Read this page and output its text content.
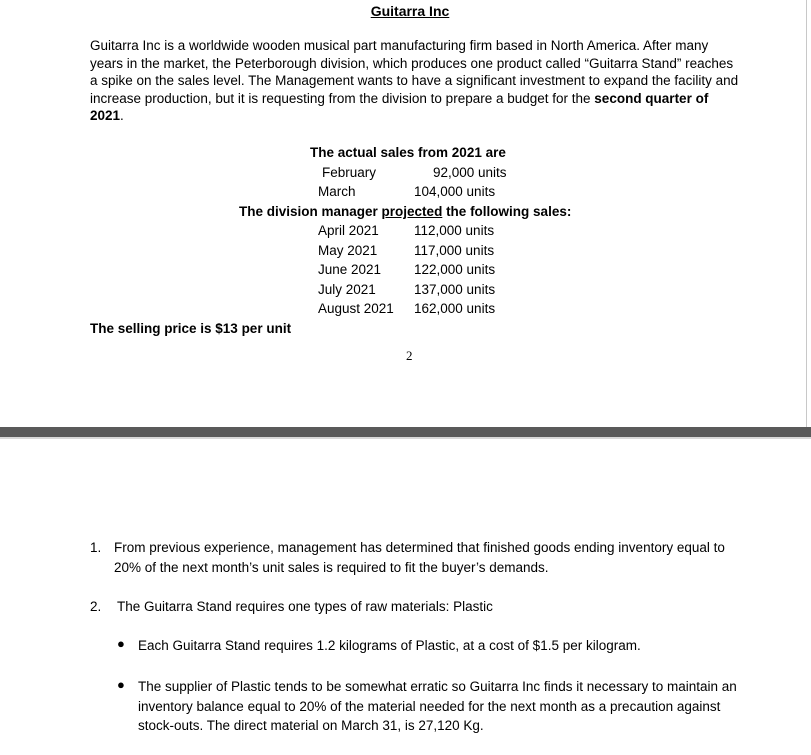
Guitarra Inc
Guitarra Inc is a worldwide wooden musical part manufacturing firm based in North America. After many years in the market, the Peterborough division, which produces one product called “Guitarra Stand” reaches a spike on the sales level. The Management wants to have a significant investment to expand the facility and increase production, but it is requesting from the division to prepare a budget for the second quarter of 2021.
The actual sales from 2021 are
February	92,000 units
March	104,000 units
The division manager projected the following sales:
April 2021	112,000 units
May 2021	117,000 units
June 2021 122,000 units
July 2021	137,000 units
August 2021 162,000 units
The selling price is $13 per unit
2
1. From previous experience, management has determined that finished goods ending inventory equal to 20% of the next month’s unit sales is required to fit the buyer’s demands.
2. The Guitarra Stand requires one types of raw materials: Plastic
● Each Guitarra Stand requires 1.2 kilograms of Plastic, at a cost of $1.5 per kilogram.
● The supplier of Plastic tends to be somewhat erratic so Guitarra Inc finds it necessary to maintain an inventory balance equal to 20% of the material needed for the next month as a precaution against stock-outs. The direct material on March 31, is 27,120 Kg.
